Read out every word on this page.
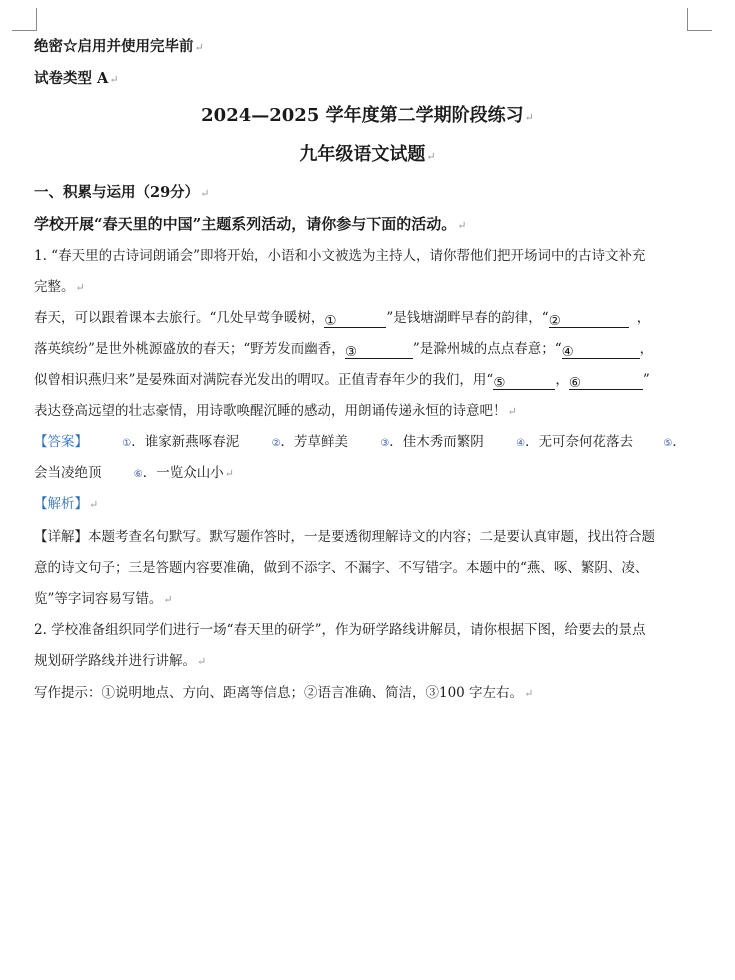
绝密☆启用并使用完毕前↵
试卷类型 A↵
2024—2025 学年度第二学期阶段练习↵
九年级语文试题↵
一、积累与运用（29分）↵
学校开展“春天里的中国”主题系列活动，请你参与下面的活动。↵
1. “春天里的古诗词朗诵会”即将开始，小语和小文被选为主持人，请你帮他们把开场词中的古诗文补充
完整。↵
春天，可以跟着课本去旅行。“几处早莺争暖树，①	”是钱塘湖畔早春的韵律，“②	，
落英缤纷”是世外桃源盛放的春天；“野芳发而幽香，③	”是滁州城的点点春意；“④	，
似曾相识燕归来”是晏殊面对满院春光发出的喟叹。正值青春年少的我们，用“⑤	，⑥	”
表达登高远望的壮志豪情，用诗歌唤醒沉睡的感动，用朗诵传递永恒的诗意吧！↵
【答案】	①．谁家新燕啄春泥	②．芳草鲜美	③．佳木秀而繁阴	④．无可奈何花落去	⑤．
会当凌绝顶	⑥．一览众山小↵
【解析】↵
【详解】本题考查名句默写。默写题作答时，一是要透彻理解诗文的内容；二是要认真审题，找出符合题
意的诗文句子；三是答题内容要准确，做到不添字、不漏字、不写错字。本题中的“燕、啄、繁阴、凌、
览”等字词容易写错。↵
2. 学校准备组织同学们进行一场“春天里的研学”，作为研学路线讲解员，请你根据下图，给要去的景点
规划研学路线并进行讲解。↵
写作提示：①说明地点、方向、距离等信息；②语言准确、简洁，③100 字左右。↵
